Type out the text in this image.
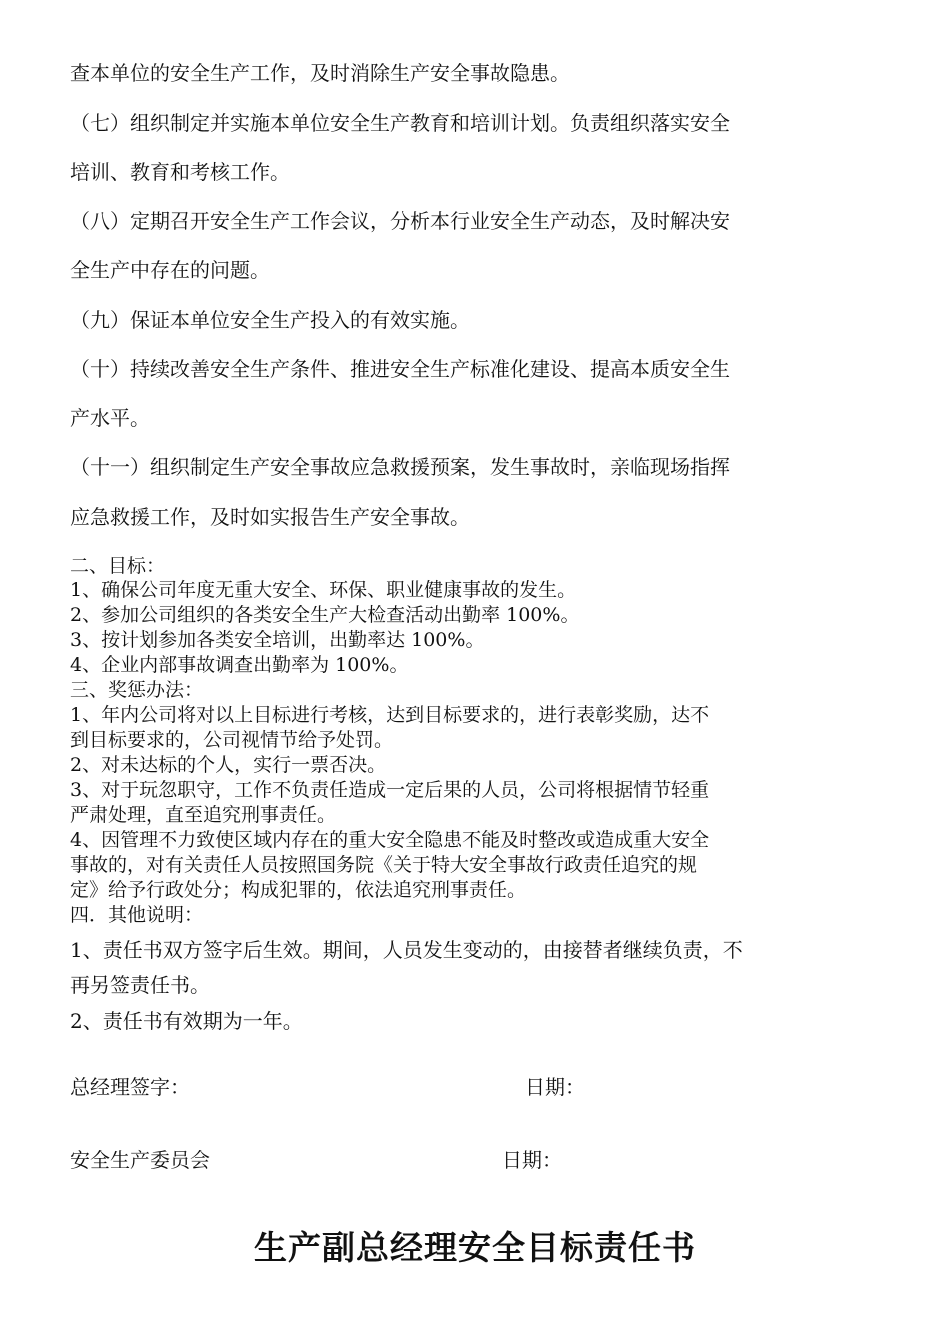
查本单位的安全生产工作，及时消除生产安全事故隐患。
（七）组织制定并实施本单位安全生产教育和培训计划。负责组织落实安全
培训、教育和考核工作。
（八）定期召开安全生产工作会议，分析本行业安全生产动态，及时解决安
全生产中存在的问题。
（九）保证本单位安全生产投入的有效实施。
（十）持续改善安全生产条件、推进安全生产标准化建设、提高本质安全生
产水平。
（十一）组织制定生产安全事故应急救援预案，发生事故时，亲临现场指挥
应急救援工作，及时如实报告生产安全事故。
二、目标：
1、确保公司年度无重大安全、环保、职业健康事故的发生。
2、参加公司组织的各类安全生产大检查活动出勤率 100%。
3、按计划参加各类安全培训，出勤率达 100%。
4、企业内部事故调查出勤率为 100%。
三、奖惩办法：
1、年内公司将对以上目标进行考核，达到目标要求的，进行表彰奖励，达不
到目标要求的，公司视情节给予处罚。
2、对未达标的个人，实行一票否决。
3、对于玩忽职守，工作不负责任造成一定后果的人员，公司将根据情节轻重
严肃处理，直至追究刑事责任。
4、因管理不力致使区域内存在的重大安全隐患不能及时整改或造成重大安全
事故的，对有关责任人员按照国务院《关于特大安全事故行政责任追究的规
定》给予行政处分；构成犯罪的，依法追究刑事责任。
四．其他说明：
1、责任书双方签字后生效。期间，人员发生变动的，由接替者继续负责，不
再另签责任书。
2、责任书有效期为一年。
总经理签字：	日期：
安全生产委员会	日期：
生产副总经理安全目标责任书
